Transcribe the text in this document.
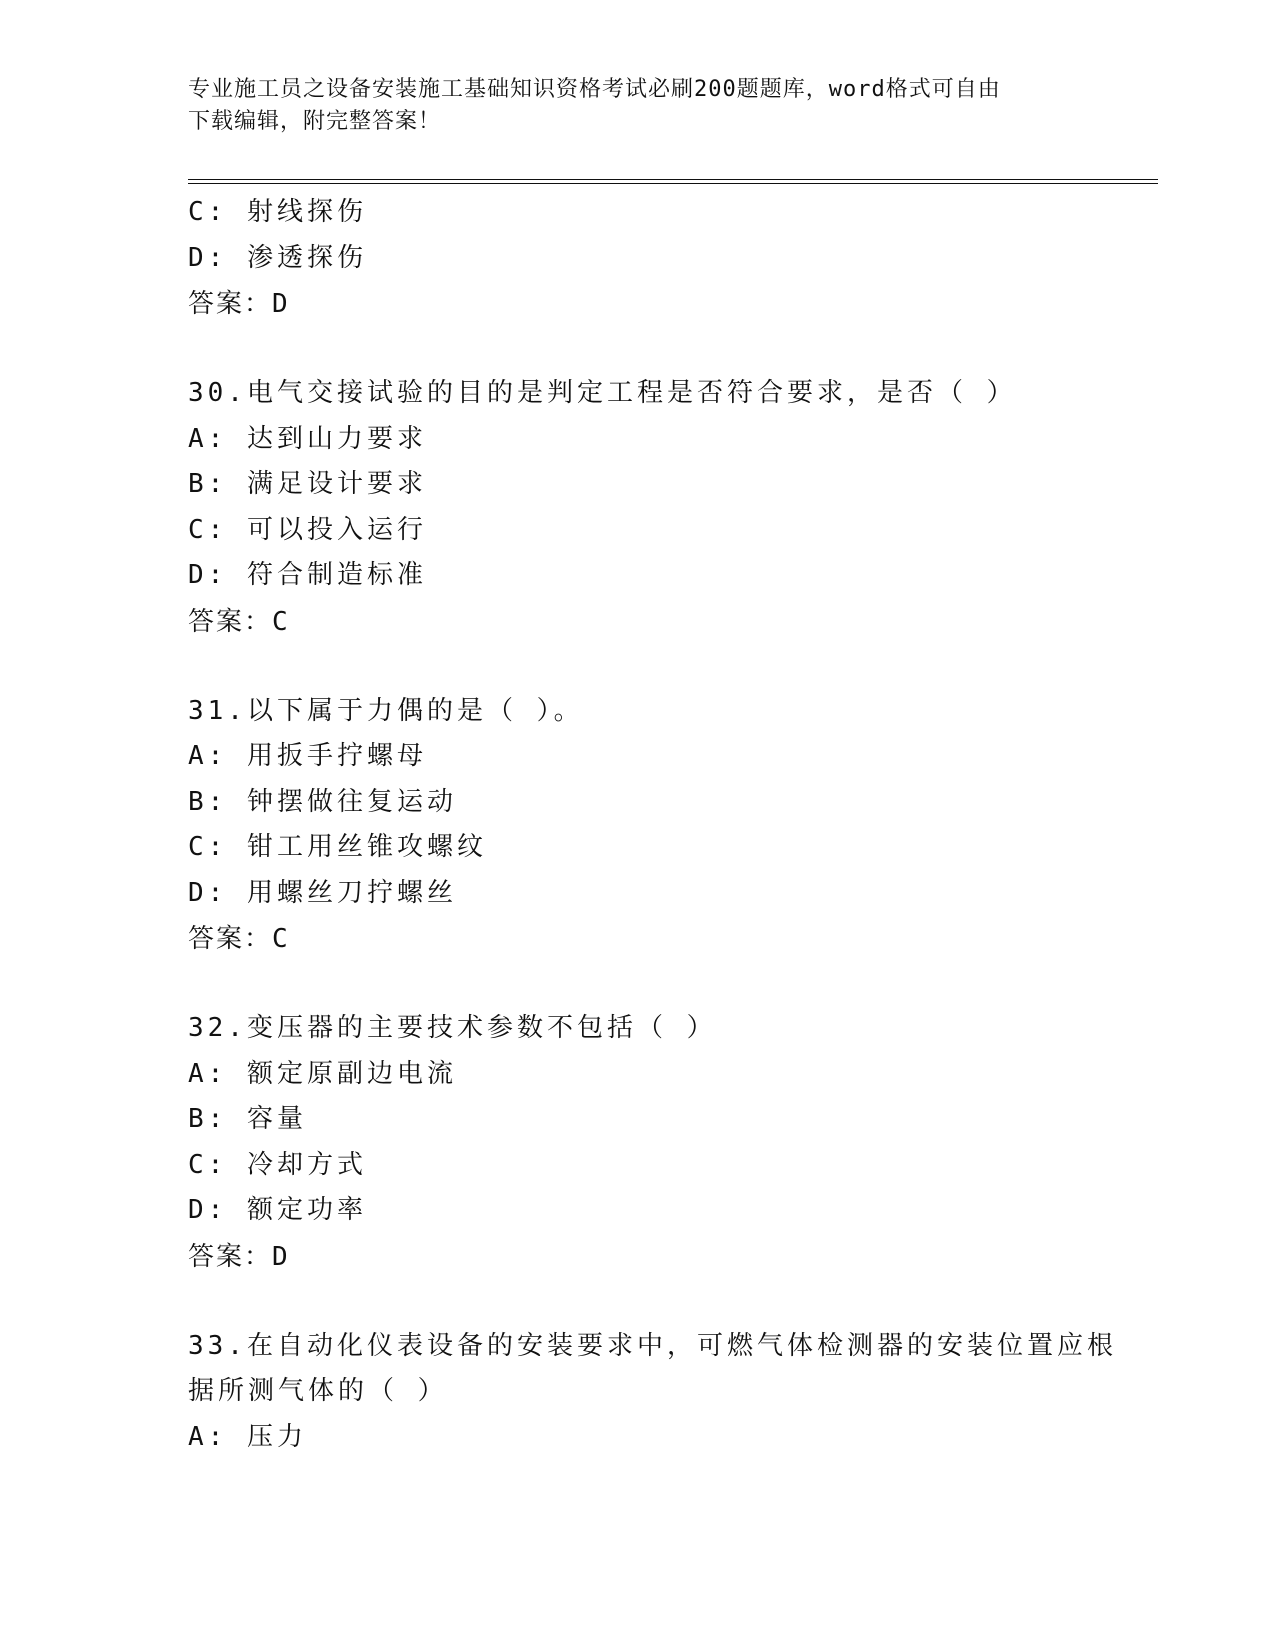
专业施工员之设备安装施工基础知识资格考试必刷200题题库，word格式可自由
下载编辑，附完整答案！
C: 射线探伤
D: 渗透探伤
答案：D
30.电气交接试验的目的是判定工程是否符合要求，是否（ ）
A: 达到山力要求
B: 满足设计要求
C: 可以投入运行
D: 符合制造标准
答案：C
31.以下属于力偶的是（ ）。
A: 用扳手拧螺母
B: 钟摆做往复运动
C: 钳工用丝锥攻螺纹
D: 用螺丝刀拧螺丝
答案：C
32.变压器的主要技术参数不包括（ ）
A: 额定原副边电流
B: 容量
C: 冷却方式
D: 额定功率
答案：D
33.在自动化仪表设备的安装要求中，可燃气体检测器的安装位置应根
据所测气体的（ ）
A: 压力
